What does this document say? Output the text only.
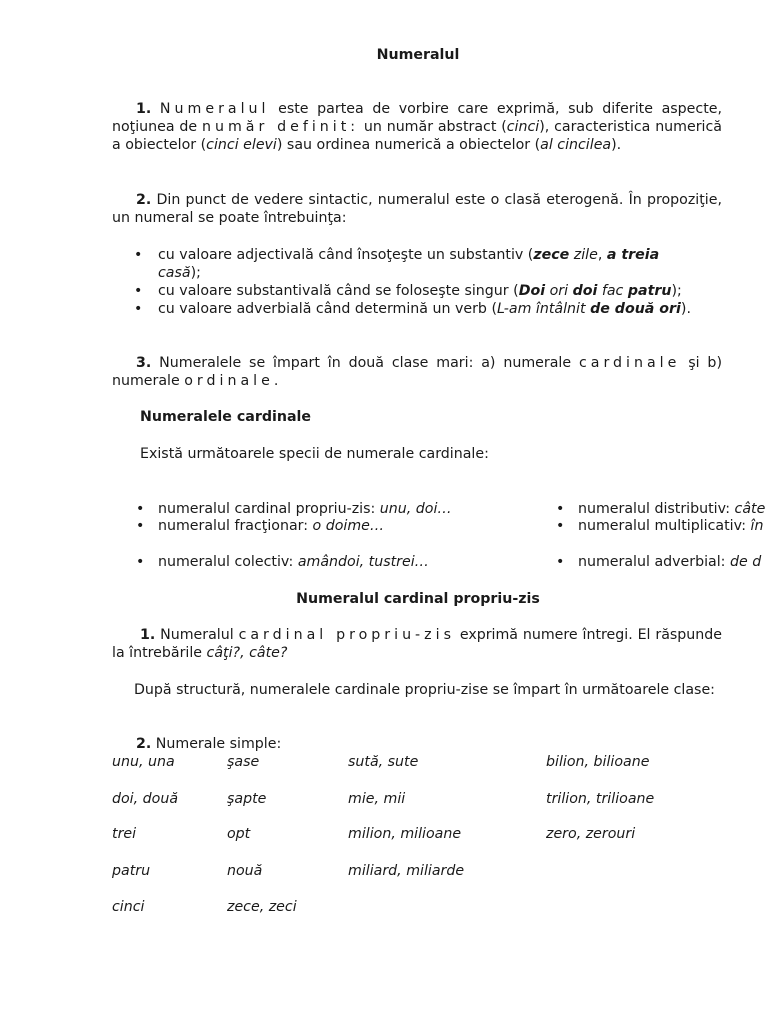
Numeralul

1. Numeralul este partea de vorbire care exprimă, sub diferite aspecte, noţiunea de număr definit: un număr abstract (cinci), caracteristica numerică a obiectelor (cinci elevi) sau ordinea numerică a obiectelor (al cincilea).

2. Din punct de vedere sintactic, numeralul este o clasă eterogenă. În propoziţie, un numeral se poate întrebuinţa:

• cu valoare adjectivală când însoţeşte un substantiv (zece zile, a treia casă);
• cu valoare substantivală când se foloseşte singur (Doi ori doi fac patru);
• cu valoare adverbială când determină un verb (L-am întâlnit de două ori).

3. Numeralele se împart în două clase mari: a) numerale cardinale şi b) numerale ordinale.

Numeralele cardinale
Există următoarele specii de numerale cardinale:
• numeralul cardinal propriu-zis: unu, doi…
• numeralul fracţionar: o doime…
• numeralul colectiv: amândoi, tustrei…
• numeralul distributiv: câte
• numeralul multiplicativ: în
• numeralul adverbial: de d
Numeralul cardinal propriu-zis

1. Numeralul cardinal propriu-zis exprimă numere întregi. El răspunde la întrebările câţi?, câte?

După structură, numeralele cardinale propriu-zise se împart în următoarele clase:

2. Numerale simple:
unu, una	şase	sută, sute	bilion, bilioane
doi, două	şapte	mie, mii	trilion, trilioane
trei	opt	milion, milioane	zero, zerouri
patru	nouă	miliard, miliarde
cinci	zece, zeci
